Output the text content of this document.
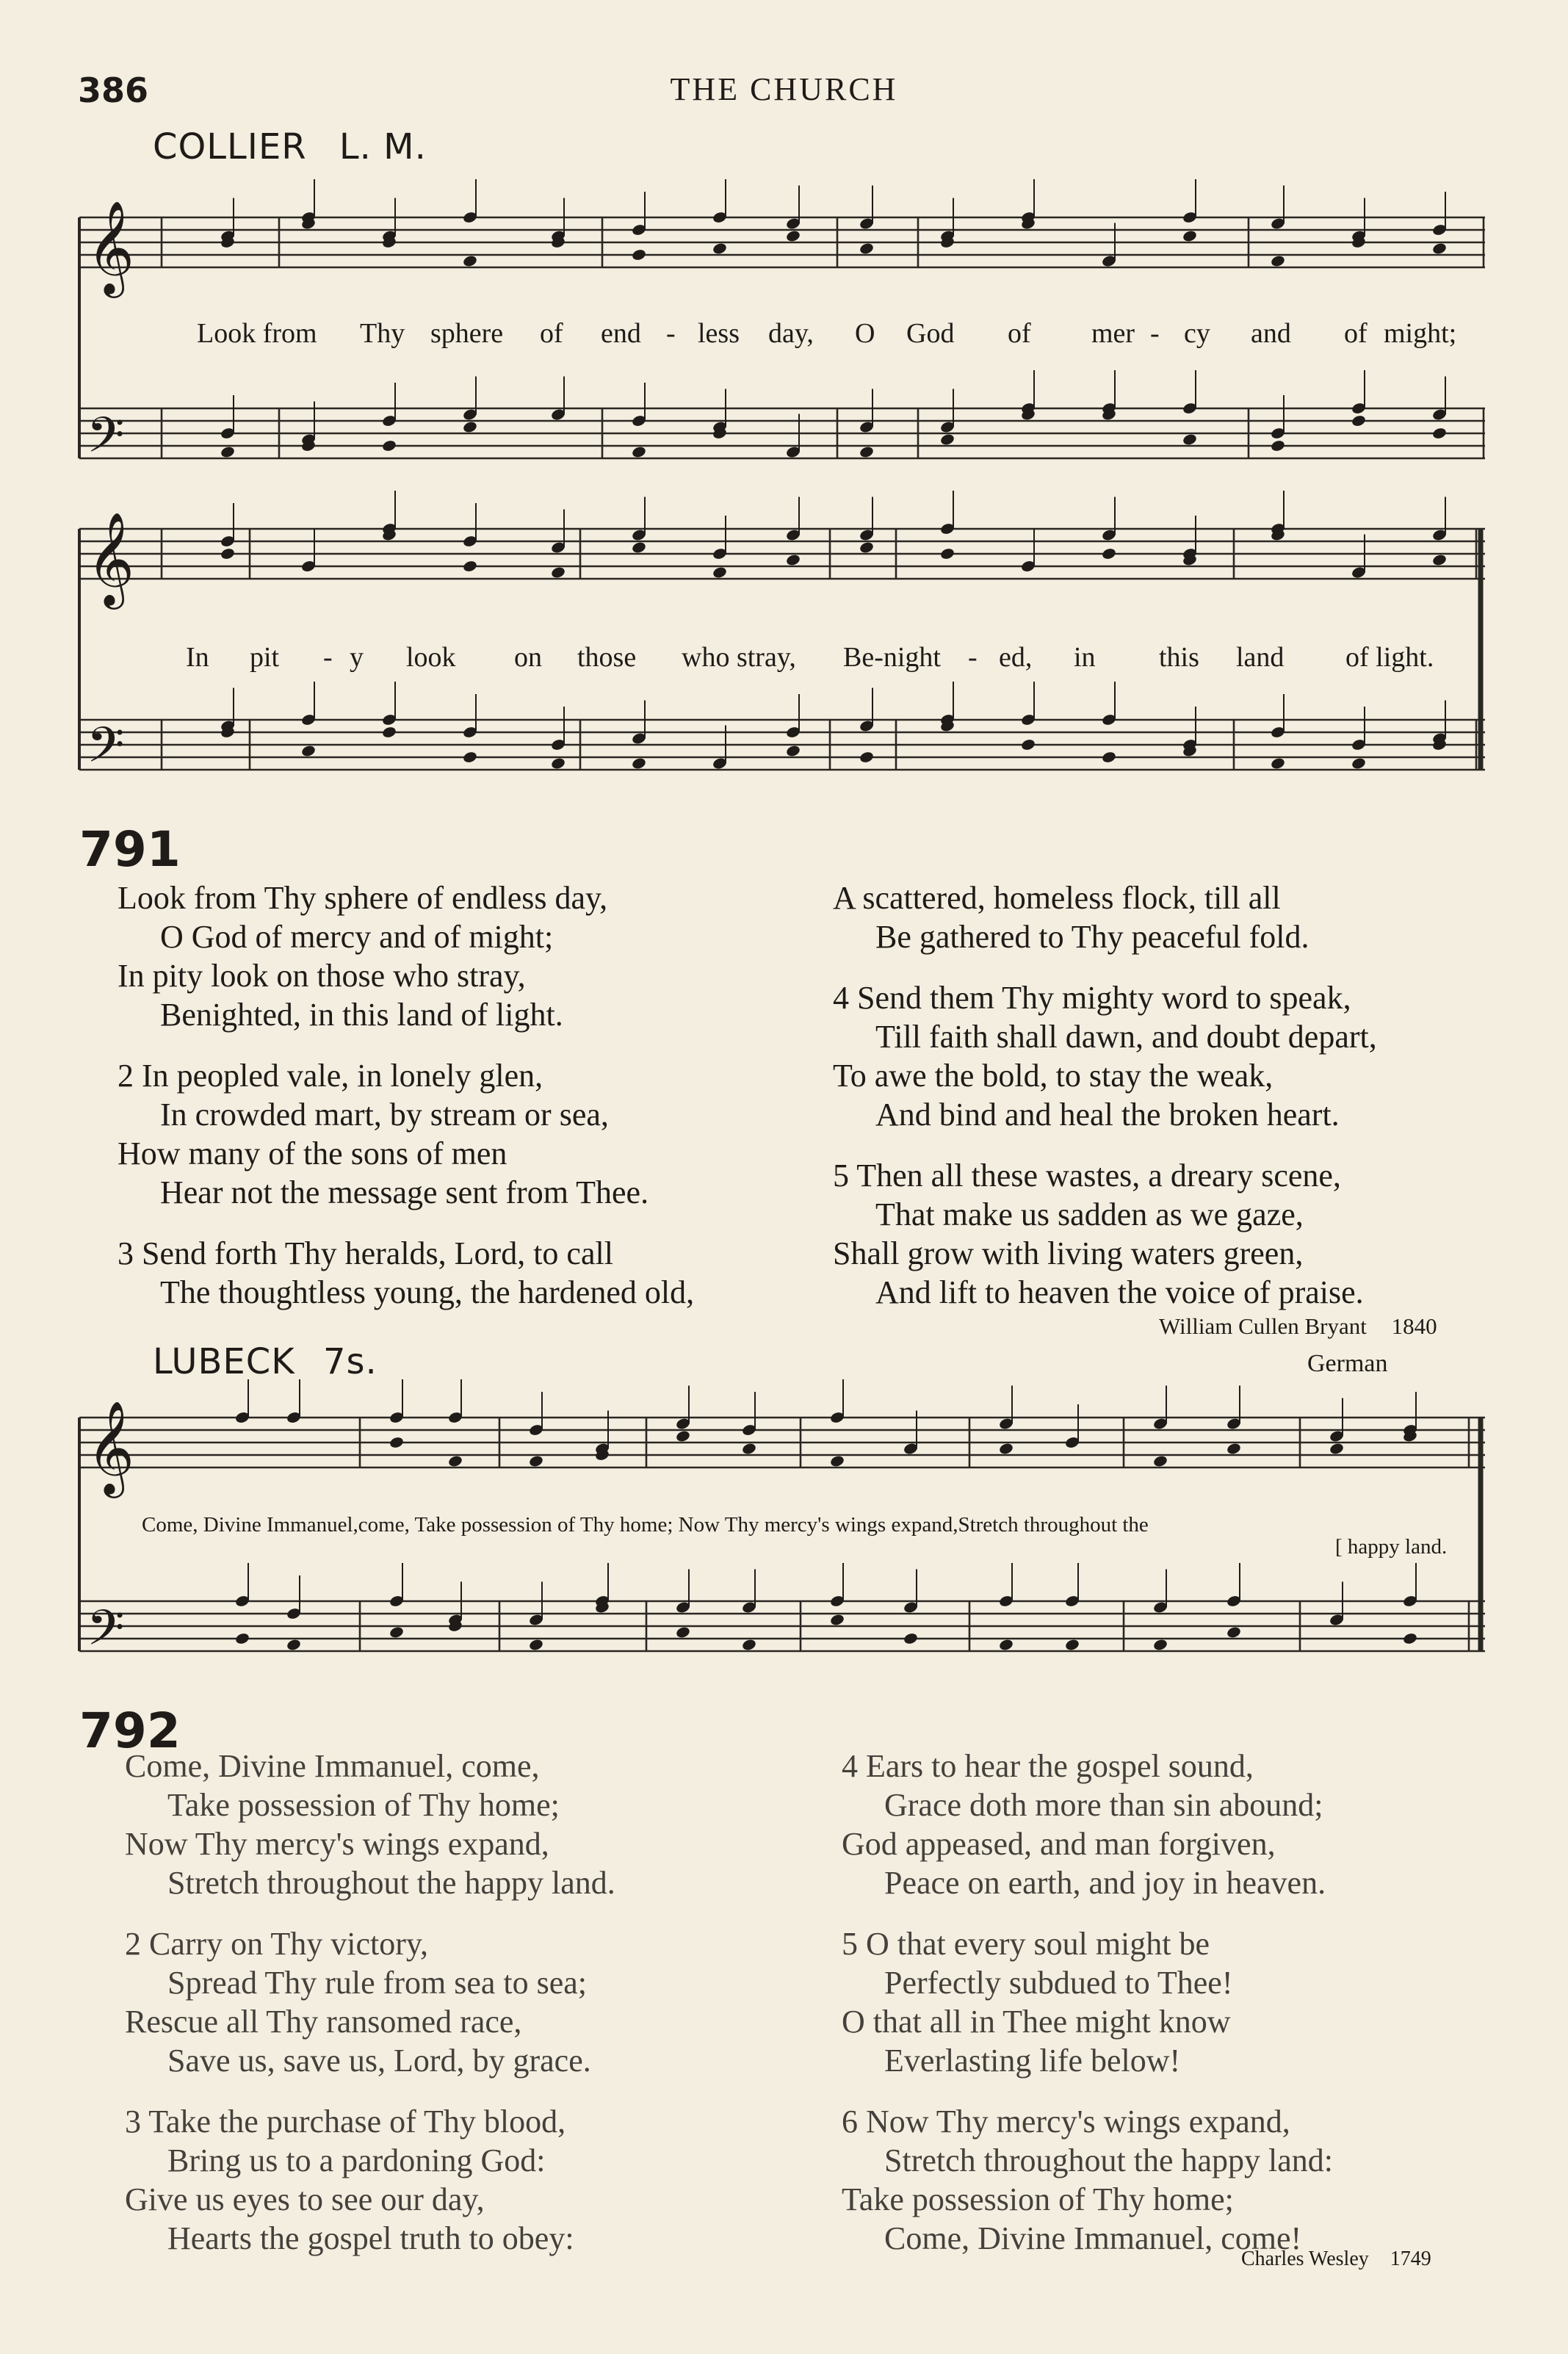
386	THE CHURCH
COLLIER L. M.
𝄞
𝄢
𝄞
𝄢
Look from Thy sphere of end - less day, O God of mer - cy and of might;
In pit - y look on those who stray, Be-night - ed, in this land of light.
791
Look from Thy sphere of endless day,
O God of mercy and of might;
In pity look on those who stray,
Benighted, in this land of light.
2 In peopled vale, in lonely glen,
In crowded mart, by stream or sea,
How many of the sons of men
Hear not the message sent from Thee.
3 Send forth Thy heralds, Lord, to call
The thoughtless young, the hardened old,
A scattered, homeless flock, till all
Be gathered to Thy peaceful fold.
4 Send them Thy mighty word to speak,
Till faith shall dawn, and doubt depart,
To awe the bold, to stay the weak,
And bind and heal the broken heart.
5 Then all these wastes, a dreary scene,
That make us sadden as we gaze,
Shall grow with living waters green,
And lift to heaven the voice of praise.
William Cullen Bryant 1840
LUBECK 7s.	German
𝄞
𝄢
Come, Divine Immanuel,come, Take possession of Thy home; Now Thy mercy's wings expand,Stretch throughout the
[ happy land.
792
Come, Divine Immanuel, come,
Take possession of Thy home;
Now Thy mercy's wings expand,
Stretch throughout the happy land.
2 Carry on Thy victory,
Spread Thy rule from sea to sea;
Rescue all Thy ransomed race,
Save us, save us, Lord, by grace.
3 Take the purchase of Thy blood,
Bring us to a pardoning God:
Give us eyes to see our day,
Hearts the gospel truth to obey:
4 Ears to hear the gospel sound,
Grace doth more than sin abound;
God appeased, and man forgiven,
Peace on earth, and joy in heaven.
5 O that every soul might be
Perfectly subdued to Thee!
O that all in Thee might know
Everlasting life below!
6 Now Thy mercy's wings expand,
Stretch throughout the happy land:
Take possession of Thy home;
Come, Divine Immanuel, come!
Charles Wesley 1749
